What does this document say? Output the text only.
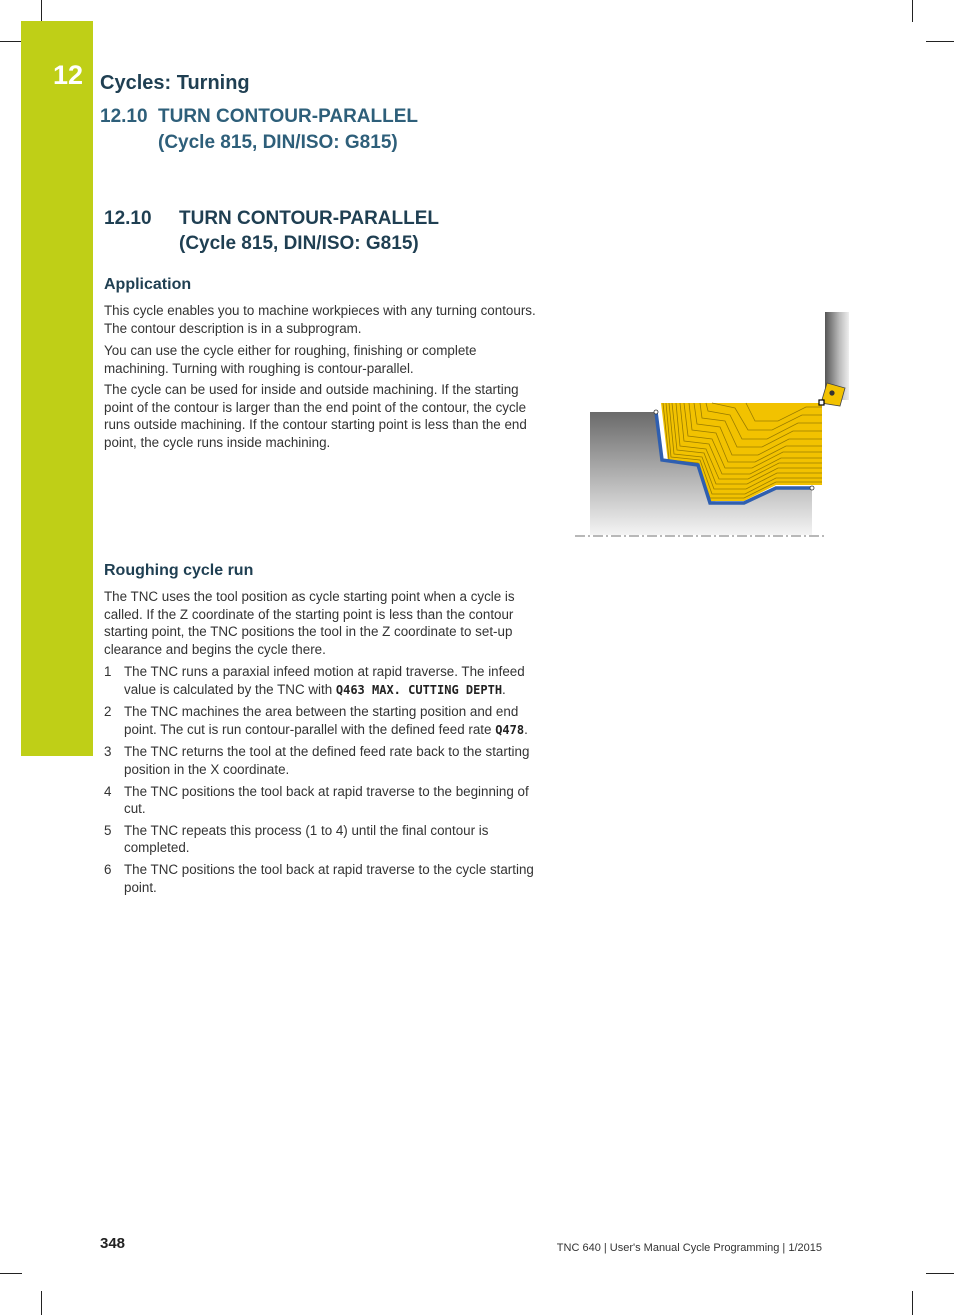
12 Cycles: Turning
12.10 TURN CONTOUR-PARALLEL
(Cycle 815, DIN/ISO: G815)
12.10 TURN CONTOUR-PARALLEL
(Cycle 815, DIN/ISO: G815)
Application

This cycle enables you to machine workpieces with any turning contours. The contour description is in a subprogram.

You can use the cycle either for roughing, finishing or complete machining. Turning with roughing is contour-parallel.

The cycle can be used for inside and outside machining. If the starting point of the contour is larger than the end point of the contour, the cycle runs outside machining. If the contour starting point is less than the end point, the cycle runs inside machining.

Roughing cycle run

The TNC uses the tool position as cycle starting point when a cycle is called. If the Z coordinate of the starting point is less than the contour starting point, the TNC positions the tool in the Z coordinate to set-up clearance and begins the cycle there.

1 The TNC runs a paraxial infeed motion at rapid traverse. The infeed value is calculated by the TNC with Q463 MAX. CUTTING DEPTH.
2 The TNC machines the area between the starting position and end point. The cut is run contour-parallel with the defined feed rate Q478.
3 The TNC returns the tool at the defined feed rate back to the starting position in the X coordinate.
4 The TNC positions the tool back at rapid traverse to the beginning of cut.
5 The TNC repeats this process (1 to 4) until the final contour is completed.
6 The TNC positions the tool back at rapid traverse to the cycle starting point.
348	TNC 640 | User's Manual Cycle Programming | 1/2015
